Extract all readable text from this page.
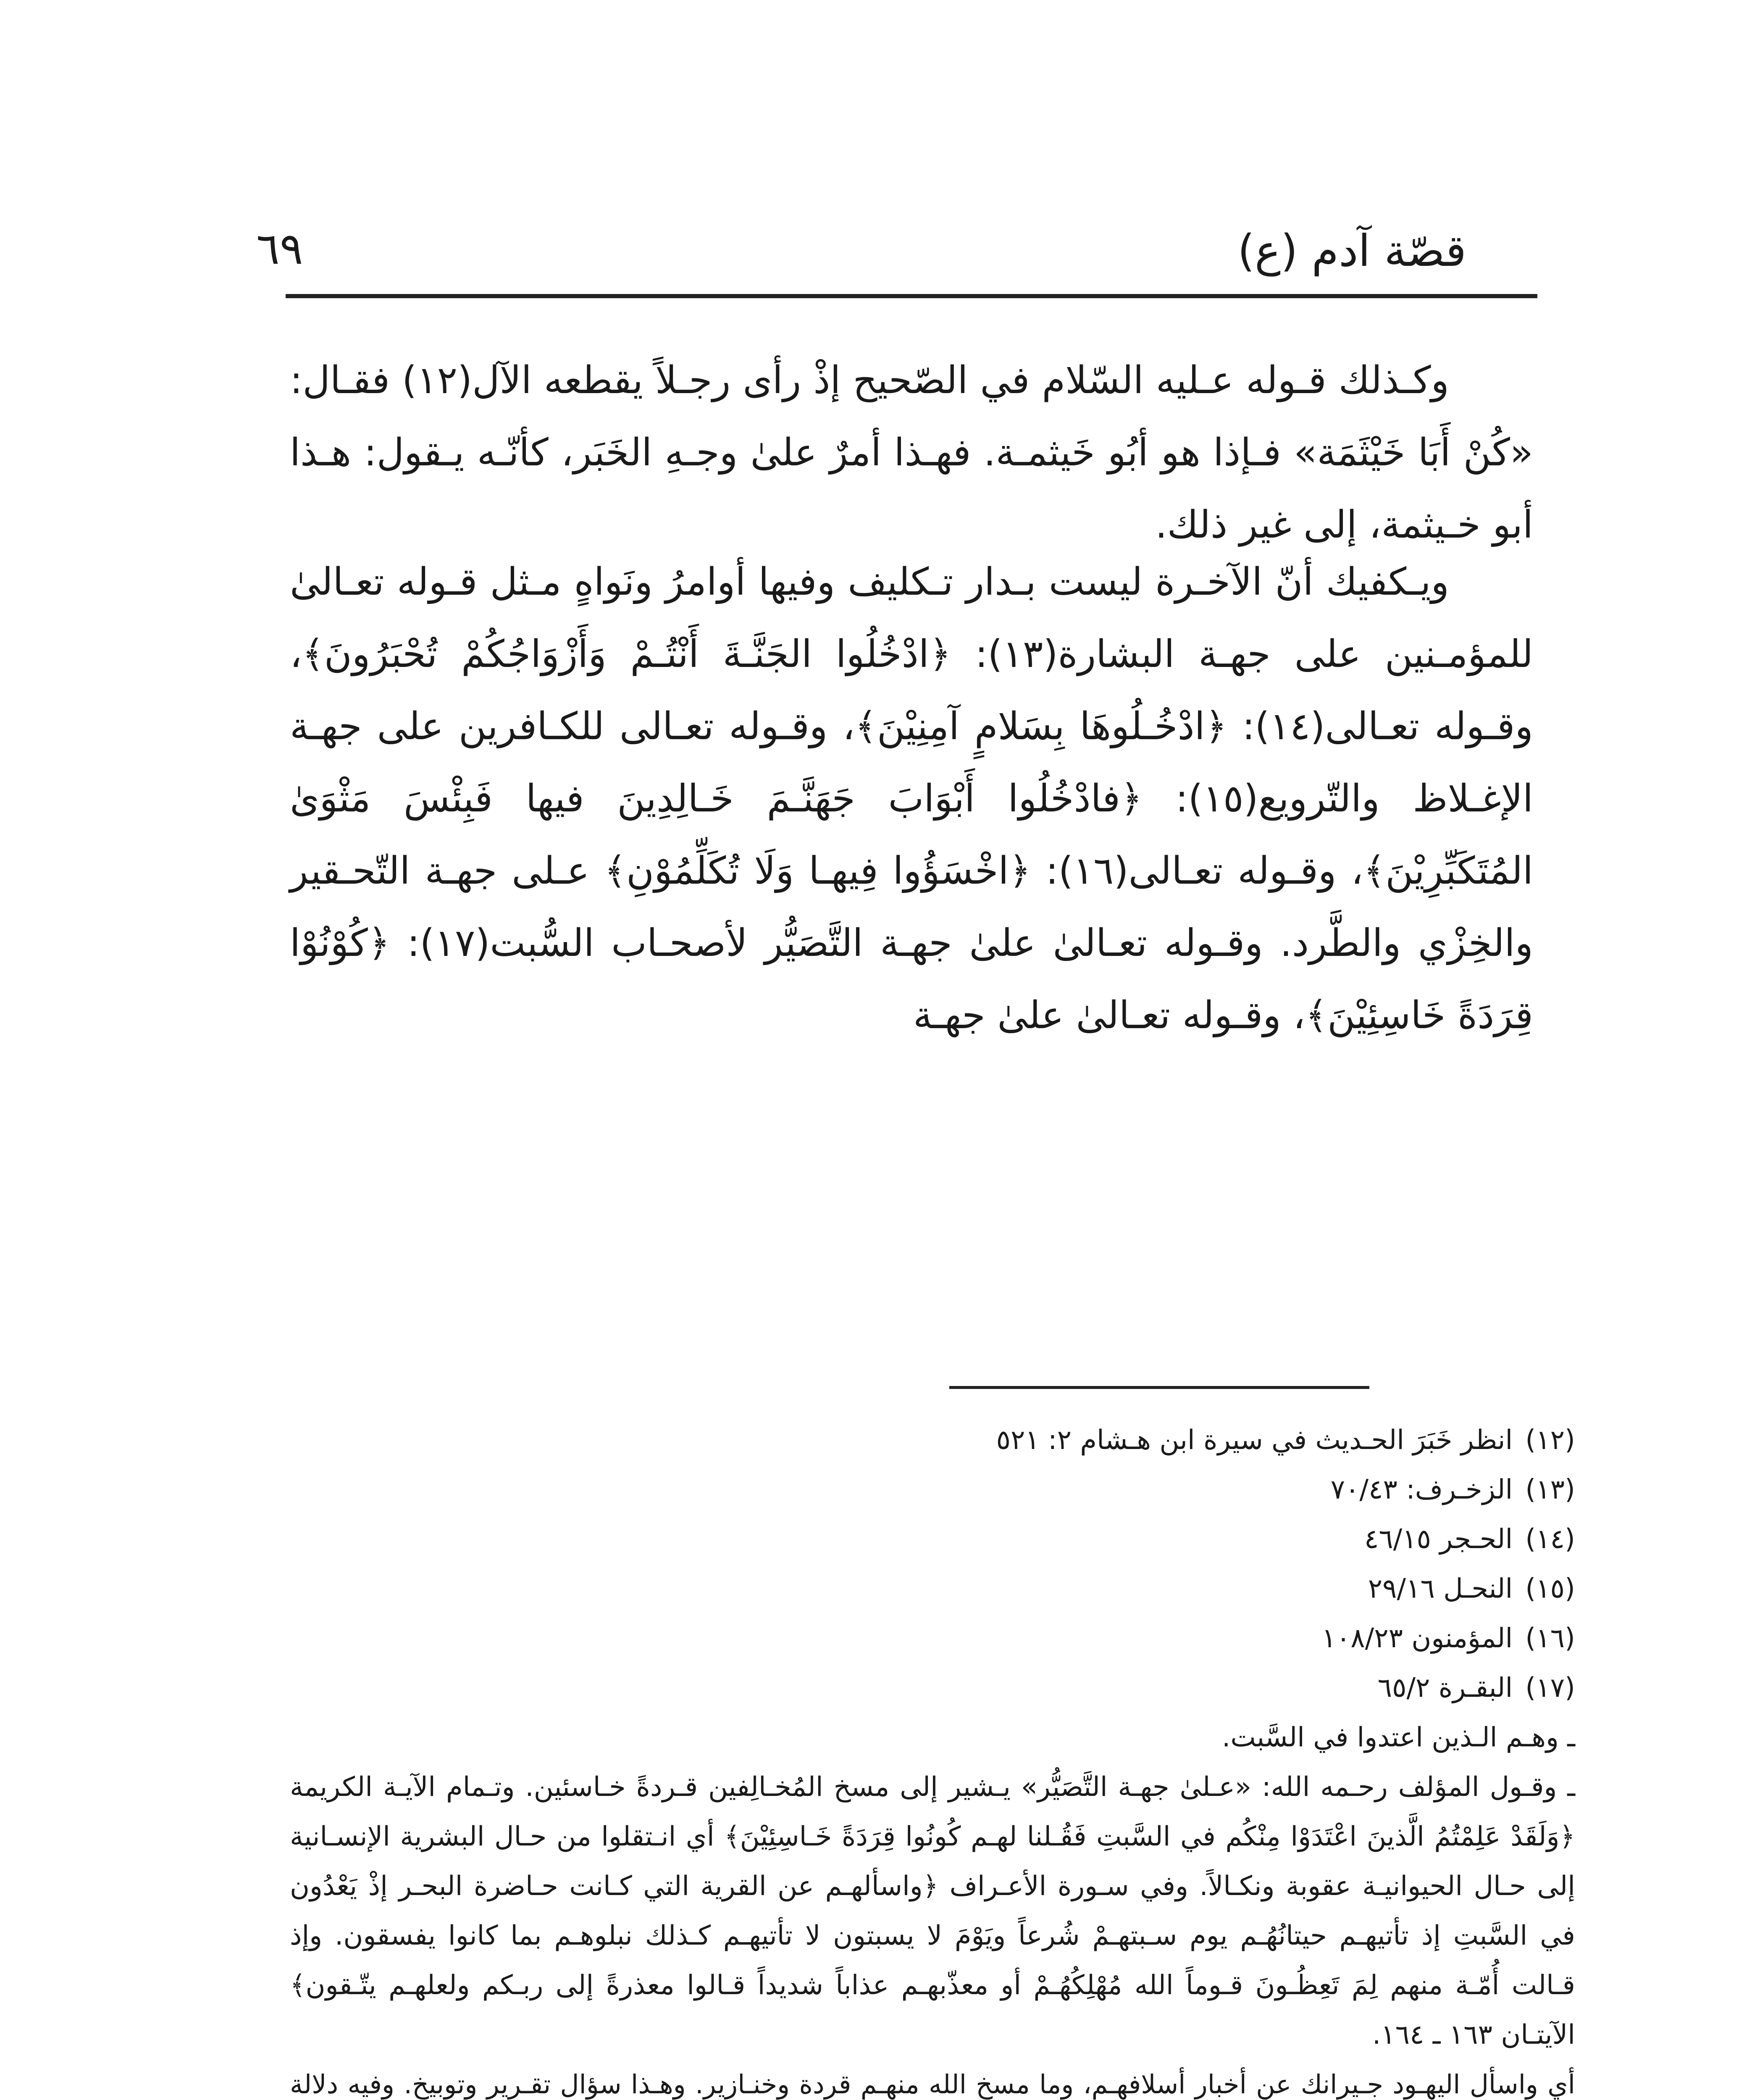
قصّة آدم (ع)
٦٩

وكـذلك قـوله عـليه السّلام في الصّحيح إذْ رأى رجـلاً يقطعه الآل(١٢) فقـال: «كُنْ أَبَا خَيْثَمَة» فـإذا هو أبُو خَيثمـة. فهـذا أمرٌ علىٰ وجـهِ الخَبَر، كأنّـه يـقول: هـذا أبو خـيثمة، إلى غير ذلك.

ويـكفيك أنّ الآخـرة ليست بـدار تـكليف وفيها أوامرُ ونَواهٍ مـثل قـوله تعـالىٰ للمؤمـنين على جهـة البشارة(١٣): ﴿ادْخُلُوا الجَنَّـةَ أَنْتُـمْ وَأَزْوَاجُكُمْ تُحْبَرُونَ﴾، وقـوله تعـالى(١٤): ﴿ادْخُـلُوهَا بِسَلامٍ آمِنِيْنَ﴾، وقـوله تعـالى للكـافرين على جهـة الإغـلاظ والتّرويع(١٥): ﴿فادْخُلُوا أَبْوَابَ جَهَنَّـمَ خَـالِدِينَ فيها فَبِئْسَ مَثْوَىٰ المُتَكَبِّرِيْنَ﴾، وقـوله تعـالى(١٦): ﴿اخْسَؤُوا فِيهـا وَلَا تُكَلِّمُوْنِ﴾ عـلى جهـة التّحـقير والخِزْي والطَّرد. وقـوله تعـالىٰ علىٰ جهـة التَّصَيُّر لأصحـاب السُّبت(١٧): ﴿كُوْنُوْا قِرَدَةً خَاسِئِيْنَ﴾، وقـوله تعـالىٰ علىٰ جهـة

(١٢)انظر خَبَرَ الحـديث في سيرة ابن هـشام ٢: ٥٢١
(١٣)الزخـرف: ٧٠/٤٣
(١٤)الحـجر ٤٦/١٥
(١٥)النحـل ٢٩/١٦
(١٦)المؤمنون ١٠٨/٢٣
(١٧)البقـرة ٦٥/٢

ـ وهـم الـذين اعتدوا في السَّبت.

ـ وقـول المؤلف رحـمه الله: «عـلىٰ جهـة التَّصَيُّر» يـشير إلى مسخ المُخـالِفين قـردةً خـاسئين. وتـمام الآيـة الكريمة ﴿وَلَقَدْ عَلِمْتُمُ الَّذينَ اعْتَدَوْا مِنْكُم في السَّبتِ فَقُـلنا لهـم كُونُوا قِرَدَةً خَـاسِئِيْنَ﴾ أي انـتقلوا من حـال البشرية الإنسـانية إلى حـال الحيوانيـة عقوبة ونكـالاً. وفي سـورة الأعـراف ﴿واسألهـم عن القرية التي كـانت حـاضرة البحـر إذْ يَعْدُون في السَّبتِ إذ تأتيهـم حيتانُهُـم يوم سـبتهـمْ شُرعاً ويَوْمَ لا يسبتون لا تأتيهـم كـذلك نبلوهـم بما كانوا يفسقون. وإذ قـالت أُمّـة منهم لِمَ تَعِظُـونَ قـوماً الله مُهْلِكُهُـمْ أو معذّبهـم عذاباً شديداً قـالوا معذرةً إلى ربـكم ولعلهـم يتّـقون﴾ الآيتـان ١٦٣ ـ ١٦٤.

أي واسأل اليهـود جـيرانك عن أخبار أسلافهـم، وما مسخ الله منهـم قردة وخنـازير. وهـذا سؤال تقـرير وتوبيخ. وفيه دلالة
